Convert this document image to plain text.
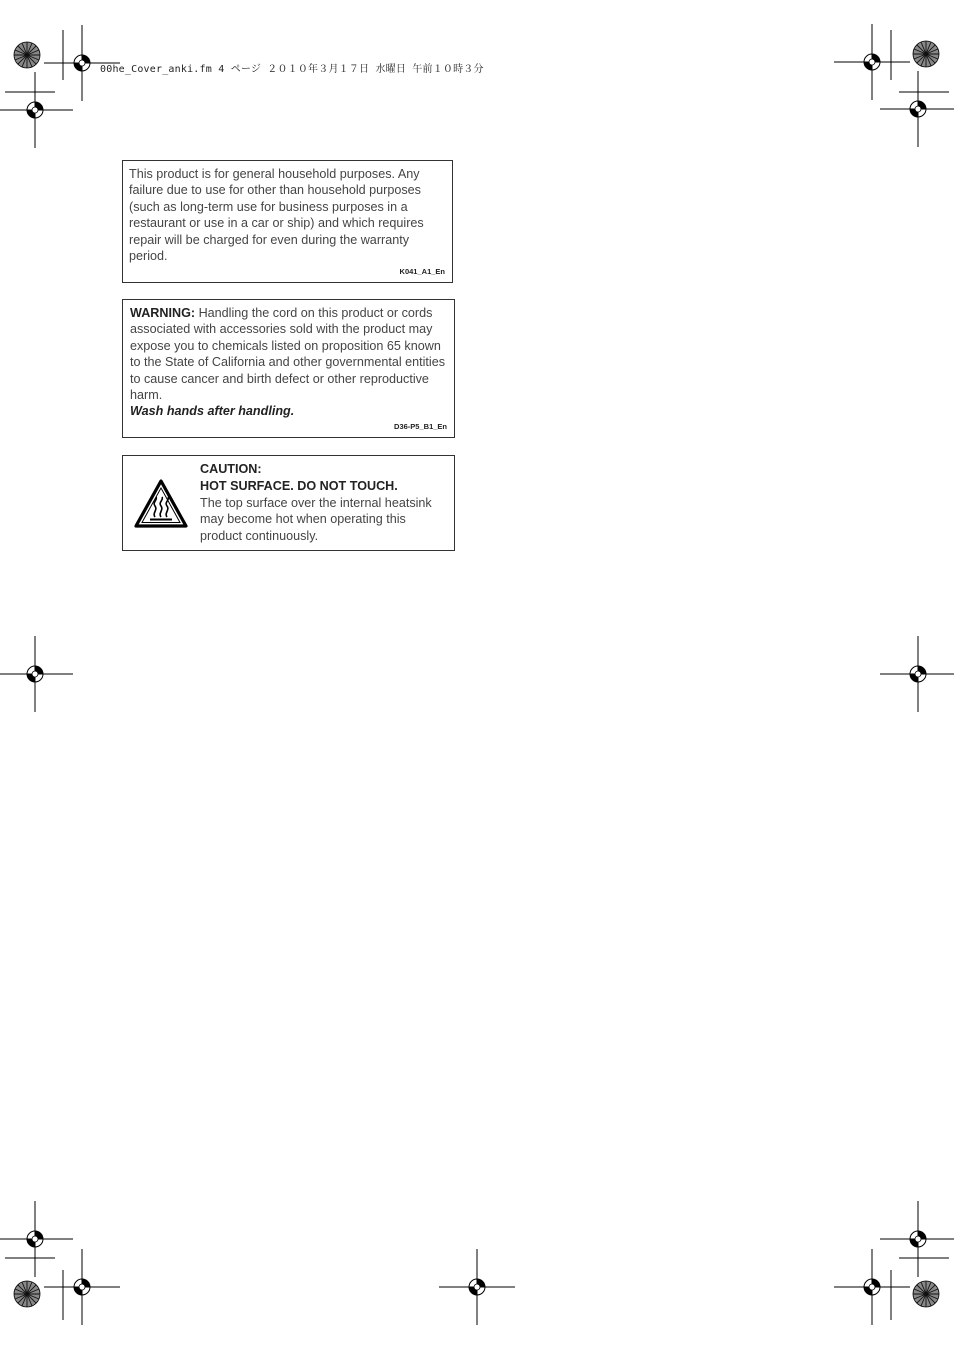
00he_Cover_anki.fm 4 ページ ２０１０年３月１７日 水曜日 午前１０時３分
This product is for general household purposes. Any failure due to use for other than household purposes (such as long-term use for business purposes in a restaurant or use in a car or ship) and which requires repair will be charged for even during the warranty period.
K041_A1_En
WARNING: Handling the cord on this product or cords associated with accessories sold with the product may expose you to chemicals listed on proposition 65 known to the State of California and other governmental entities to cause cancer and birth defect or other reproductive harm.
Wash hands after handling.
D36-P5_B1_En
CAUTION:
HOT SURFACE. DO NOT TOUCH.
The top surface over the internal heatsink may become hot when operating this product continuously.
